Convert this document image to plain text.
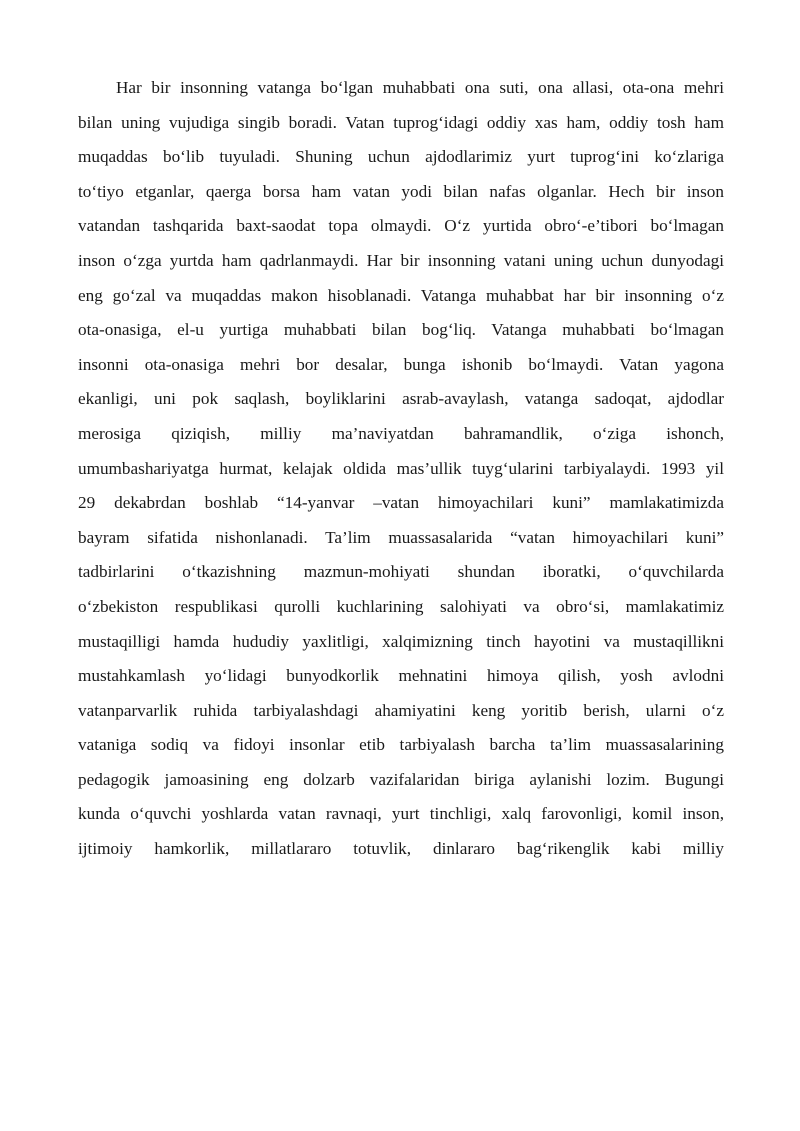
Har bir insonning vatanga bo‘lgan muhabbati ona suti, ona allasi, ota-ona mehri
bilan uning vujudiga singib boradi. Vatan tuprog‘idagi oddiy xas ham, oddiy tosh ham
muqaddas bo‘lib tuyuladi. Shuning uchun ajdodlarimiz yurt tuprog‘ini ko‘zlariga
to‘tiyo etganlar, qaerga borsa ham vatan yodi bilan nafas olganlar. Hech bir inson
vatandan tashqarida baxt-saodat topa olmaydi. O‘z yurtida obro‘-e’tibori bo‘lmagan
inson o‘zga yurtda ham qadrlanmaydi. Har bir insonning vatani uning uchun dunyodagi
eng go‘zal va muqaddas makon hisoblanadi. Vatanga muhabbat har bir insonning o‘z
ota-onasiga, el-u yurtiga muhabbati bilan bog‘liq. Vatanga muhabbati bo‘lmagan
insonni ota-onasiga mehri bor desalar, bunga ishonib bo‘lmaydi. Vatan yagona
ekanligi, uni pok saqlash, boyliklarini asrab-avaylash, vatanga sadoqat, ajdodlar
merosiga qiziqish, milliy ma’naviyatdan bahramandlik, o‘ziga ishonch,
umumbashariyatga hurmat, kelajak oldida mas’ullik tuyg‘ularini tarbiyalaydi. 1993 yil
29 dekabrdan boshlab “14-yanvar –vatan himoyachilari kuni” mamlakatimizda
bayram sifatida nishonlanadi. Ta’lim muassasalarida “vatan himoyachilari kuni”
tadbirlarini o‘tkazishning mazmun-mohiyati shundan iboratki, o‘quvchilarda
o‘zbekiston respublikasi qurolli kuchlarining salohiyati va obro‘si, mamlakatimiz
mustaqilligi hamda hududiy yaxlitligi, xalqimizning tinch hayotini va mustaqillikni
mustahkamlash yo‘lidagi bunyodkorlik mehnatini himoya qilish, yosh avlodni
vatanparvarlik ruhida tarbiyalashdagi ahamiyatini keng yoritib berish, ularni o‘z
vataniga sodiq va fidoyi insonlar etib tarbiyalash barcha ta’lim muassasalarining
pedagogik jamoasining eng dolzarb vazifalaridan biriga aylanishi lozim. Bugungi
kunda o‘quvchi yoshlarda vatan ravnaqi, yurt tinchligi, xalq farovonligi, komil inson,
ijtimoiy hamkorlik, millatlararo totuvlik, dinlararo bag‘rikenglik kabi milliy
